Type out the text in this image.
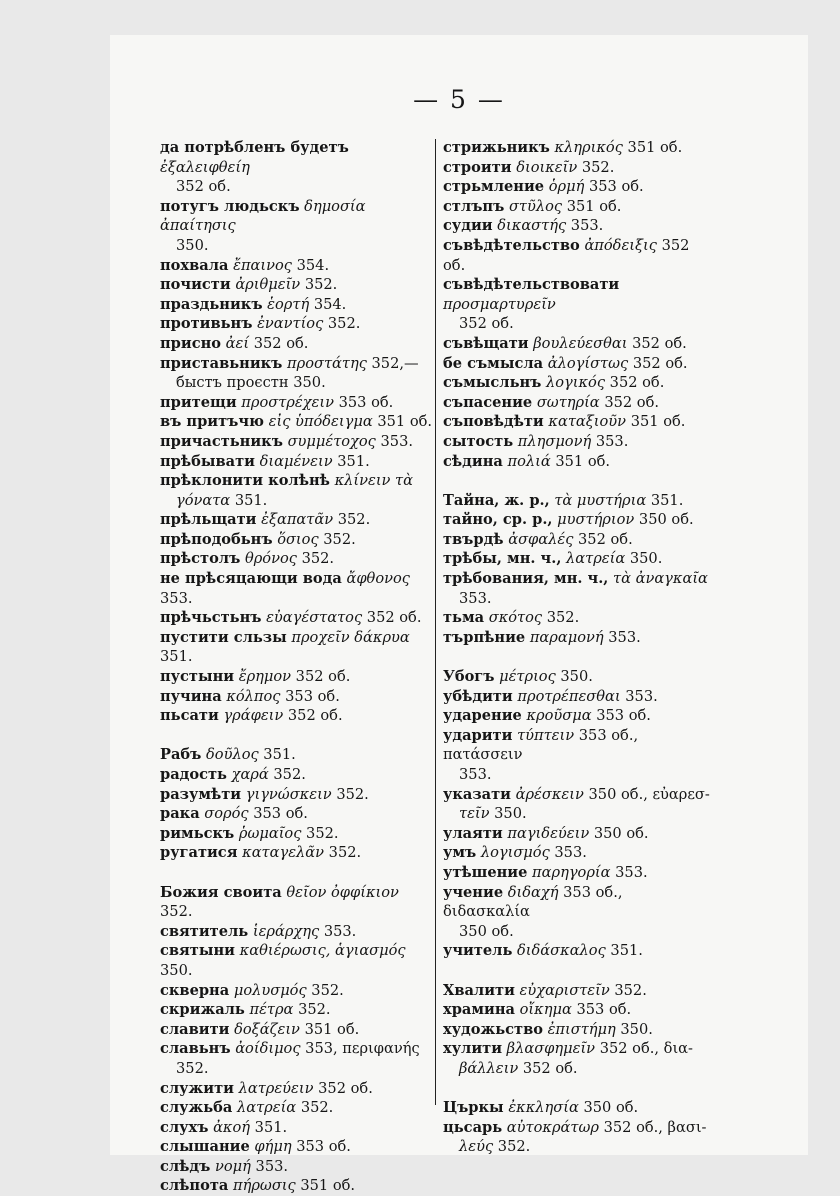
— 5 —
да потрѣбленъ будетъ ἐξαλειφθείη
352 об.
потугъ людьскъ δημοσία ἀπαίτησις
350.
похвала ἔπαινος 354.
почисти ἀριθμεῖν 352.
праздьникъ ἑορτή 354.
противьнъ ἐναντίος 352.
присно ἀεί 352 об.
приставьникъ προστάτης 352,—
быстъ проєстн 350.
притещи προστρέχειν 353 об.
въ притъчю εἰς ὑπόδειγμα 351 об.
причастьникъ συμμέτοχος 353.
прѣбывати διαμένειν 351.
прѣклонити колѣнѣ κλίνειν τὰ
γόνατα 351.
прѣльщати ἐξαπατᾶν 352.
прѣподобьнъ ὅσιος 352.
прѣстолъ θρόνος 352.
не прѣсяцающи вода ἄφθονος 353.
прѣчьстьнъ εὐαγέστατος 352 об.
пустити сльзы προχεῖν δάκρυα 351.
пустыни ἔρημον 352 об.
пучина κόλπος 353 об.
пьсати γράφειν 352 об.
Рабъ δοῦλος 351.
радость χαρά 352.
разумѣти γιγνώσκειν 352.
рака σορός 353 об.
римьскъ ῥωμαῖος 352.
ругатися καταγελᾶν 352.
Божия своита θεῖον ὀφφίκιον 352.
святитель ἱεράρχης 353.
святыни καθιέρωσις, ἁγιασμός 350.
скверна μολυσμός 352.
скрижаль πέτρα 352.
славити δοξάζειν 351 об.
славьнъ ἀοίδιμος 353, περιφανής
352.
служити λατρεύειν 352 об.
служьба λατρεία 352.
слухъ ἀκοή 351.
слышание φήμη 353 об.
слѣдъ νομή 353.
слѣпота πήρωσις 351 об.
стрижьникъ κληρικός 351 об.
строити διοικεῖν 352.
стрьмление ὁρμή 353 об.
стлъпъ στῦλος 351 об.
судии δικαστής 353.
съвѣдѣтельство ἀπόδειξις 352 об.
съвѣдѣтельствовати προσμαρτυρεῖν
352 об.
съвѣщати βουλεύεσθαι 352 об.
бе съмысла ἀλογίστως 352 об.
съмысльнъ λογικός 352 об.
съпасение σωτηρία 352 об.
съповѣдѣти καταξιοῦν 351 об.
сытость πλησμονή 353.
сѣдина πολιά 351 об.
Тайна, ж. р., τὰ μυστήρια 351.
тайно, ср. р., μυστήριον 350 об.
твърдѣ ἀσφαλές 352 об.
трѣбы, мн. ч., λατρεία 350.
трѣбования, мн. ч., τὰ ἀναγκαῖα
353.
тьма σκότος 352.
търпѣние παραμονή 353.
Убогъ μέτριος 350.
убѣдити προτρέπεσθαι 353.
ударение κροῦσμα 353 об.
ударити τύπτειν 353 об., πατάσσειν
353.
указати ἀρέσκειν 350 об., εὐαρεσ-
τεῖν 350.
улаяти παγιδεύειν 350 об.
умъ λογισμός 353.
утѣшение παρηγορία 353.
учение διδαχή 353 об., διδασκαλία
350 об.
учитель διδάσκαλος 351.
Хвалити εὐχαριστεῖν 352.
храмина οἴκημα 353 об.
художьство ἐπιστήμη 350.
хулити βλασφημεῖν 352 об., δια-
βάλλειν 352 об.
Църкы ἐκκλησία 350 об.
цьсарь αὐτοκράτωρ 352 об., βασι-
λεύς 352.
